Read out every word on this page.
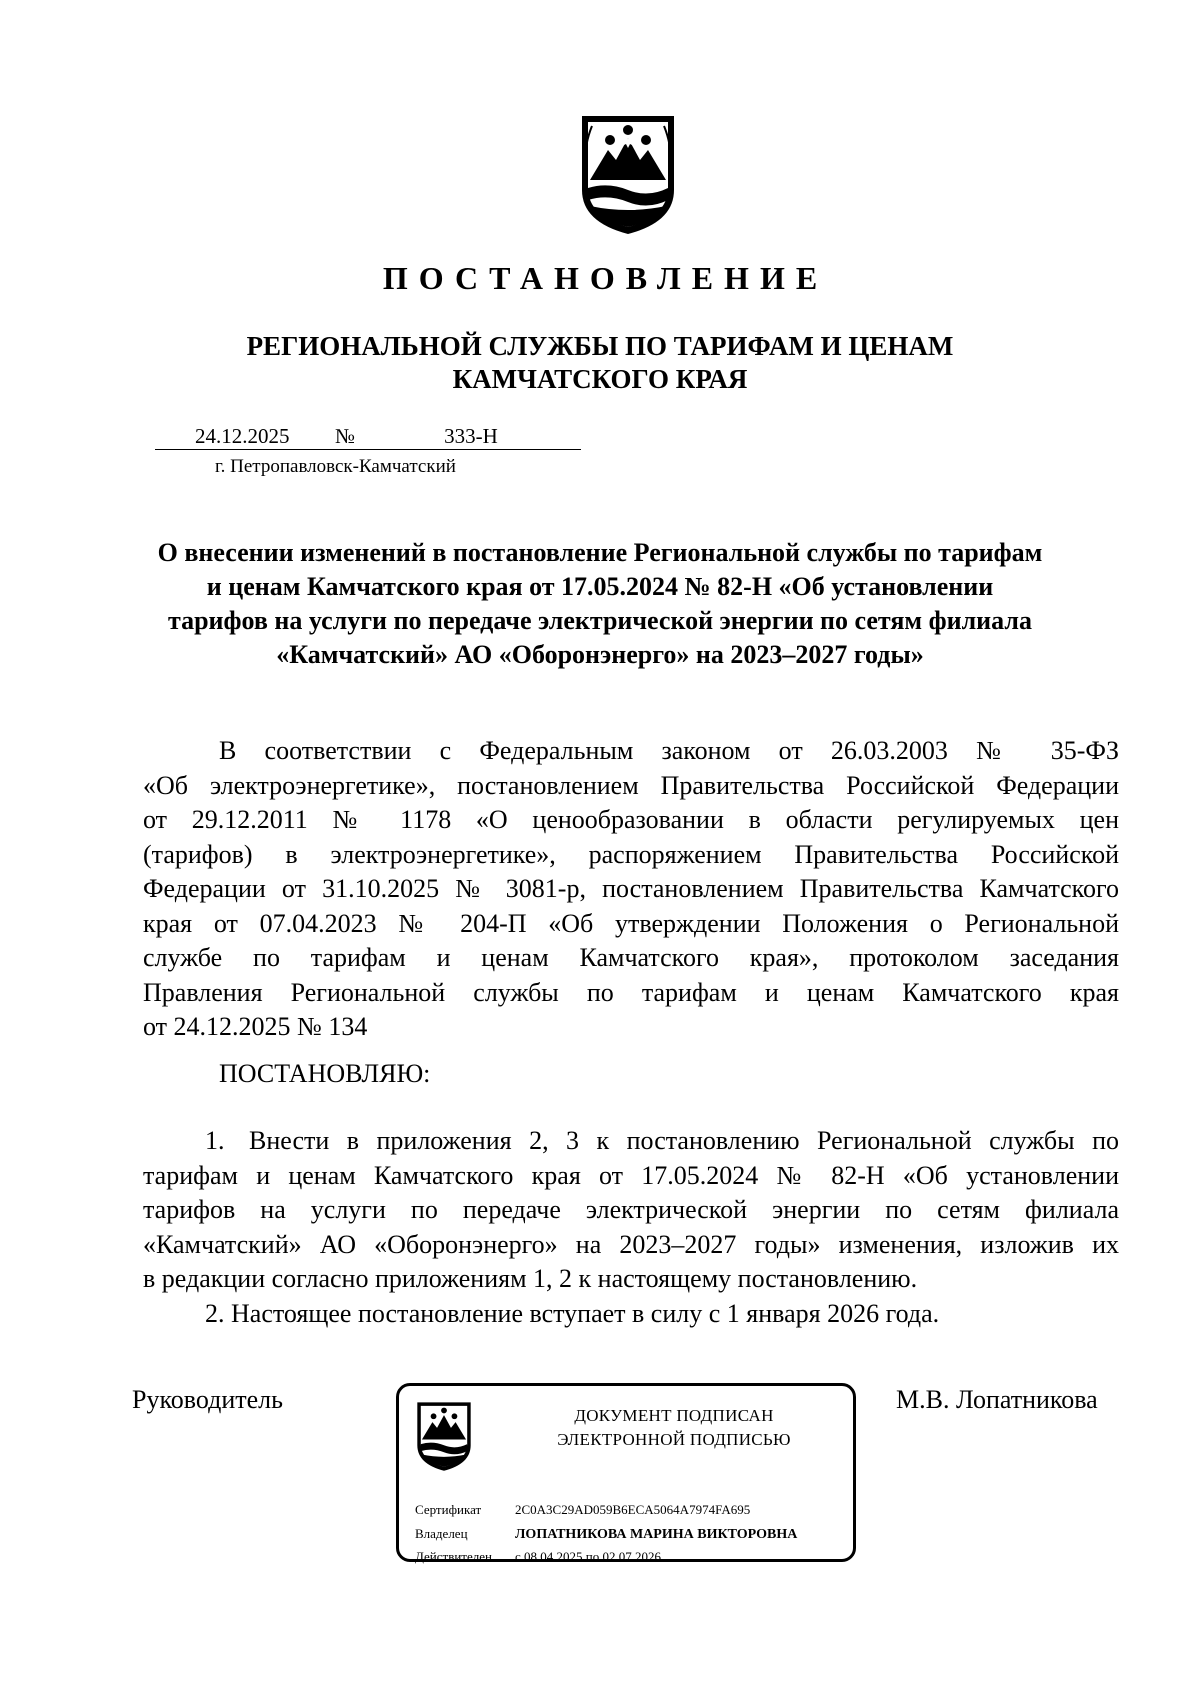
ПОСТАНОВЛЕНИЕ
РЕГИОНАЛЬНОЙ СЛУЖБЫ ПО ТАРИФАМ И ЦЕНАМ
КАМЧАТСКОГО КРАЯ
24.12.2025 №	333-Н
г. Петропавловск-Камчатский
О внесении изменений в постановление Региональной службы по тарифам
и ценам Камчатского края от 17.05.2024 № 82-Н «Об установлении
тарифов на услуги по передаче электрической энергии по сетям филиала
«Камчатский» АО «Оборонэнерго» на 2023–2027 годы»
В соответствии с Федеральным законом от 26.03.2003 № 35-ФЗ
«Об электроэнергетике», постановлением Правительства Российской Федерации
от 29.12.2011 № 1178 «О ценообразовании в области регулируемых цен
(тарифов) в электроэнергетике», распоряжением Правительства Российской
Федерации от 31.10.2025 № 3081-р, постановлением Правительства Камчатского
края от 07.04.2023 № 204-П «Об утверждении Положения о Региональной
службе по тарифам и ценам Камчатского края», протоколом заседания
Правления Региональной службы по тарифам и ценам Камчатского края
от 24.12.2025 № 134
ПОСТАНОВЛЯЮ:
1. Внести в приложения 2, 3 к постановлению Региональной службы по
тарифам и ценам Камчатского края от 17.05.2024 № 82-Н «Об установлении
тарифов на услуги по передаче электрической энергии по сетям филиала
«Камчатский» АО «Оборонэнерго» на 2023–2027 годы» изменения, изложив их
в редакции согласно приложениям 1, 2 к настоящему постановлению.
2. Настоящее постановление вступает в силу с 1 января 2026 года.
Руководитель	М.В. Лопатникова
ДОКУМЕНТ ПОДПИСАН
ЭЛЕКТРОННОЙ ПОДПИСЬЮ
Сертификат	2C0A3C29AD059B6ECA5064A7974FA695
Владелец	ЛОПАТНИКОВА МАРИНА ВИКТОРОВНА
Действителен с 08.04.2025 по 02.07.2026
